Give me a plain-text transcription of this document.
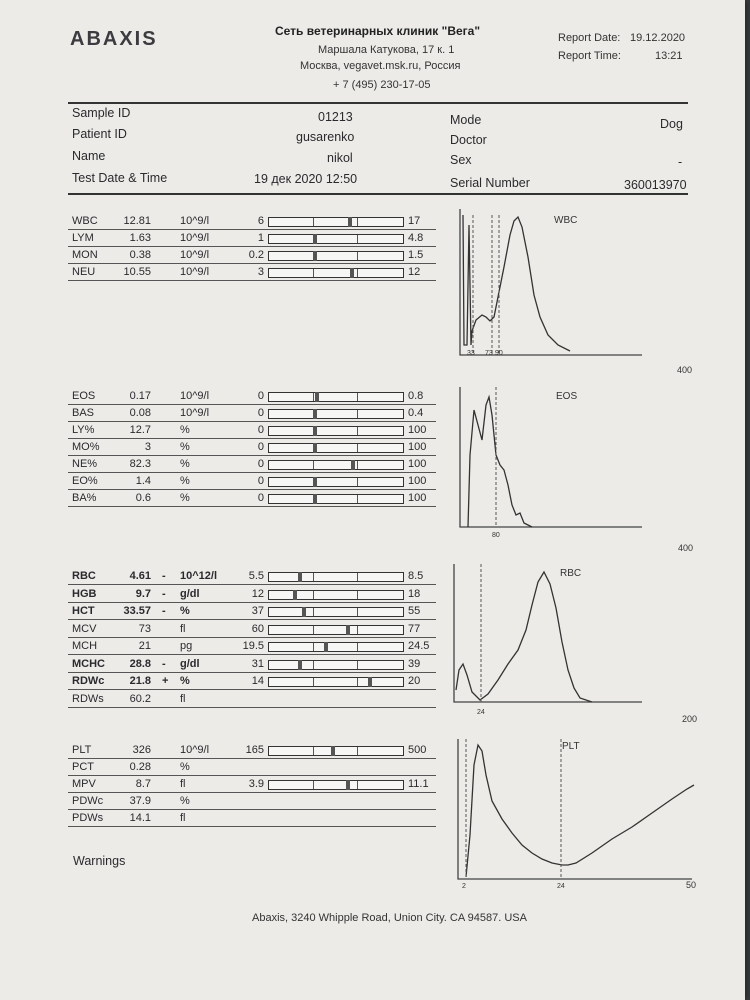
ABAXIS	Сеть ветеринарных клиник "Вега"
Маршала Катукова, 17 к. 1
Москва, vegavet.msk.ru, Россия
+ 7 (495) 230-17-05
Report Date: 19.12.2020
Report Time:	13:21
Sample ID	01213
Patient ID	gusarenko
Name	nikol
Test Date & Time	19 дек 2020 12:50
Mode	Dog
Doctor
Sex	-
Serial Number	360013970
WBC	12.81	10^9/l	6	17
LYM	1.63	10^9/l	1	4.8
MON	0.38	10^9/l	0.2	1.5
NEU	10.55	10^9/l	3	12
EOS	0.17	10^9/l	0	0.8
BAS	0.08	10^9/l	0	0.4
LY%	12.7	%	0	100
MO%	3	%	0	100
NE%	82.3	%	0	100
EO%	1.4	%	0	100
BA%	0.6	%	0	100
RBC	4.61 - 10^12/l	5.5	8.5
HGB	9.7 - g/dl	12	18
HCT	33.57 - %	37	55
MCV	73	fl	60	77
MCH	21	pg	19.5	24.5
MCHC	28.8 - g/dl	31	39
RDWc	21.8 + %	14	20
RDWs	60.2	fl
PLT	326	10^9/l	165	500
PCT	0.28	%
MPV	8.7	fl	3.9	11.1
PDWc	37.9	%
PDWs	14.1	fl
WBC
33 73 90
400
EOS
80
400
RBC
24
200
PLT
2	24	50
Warnings
Abaxis, 3240 Whipple Road, Union City. CA 94587. USA
